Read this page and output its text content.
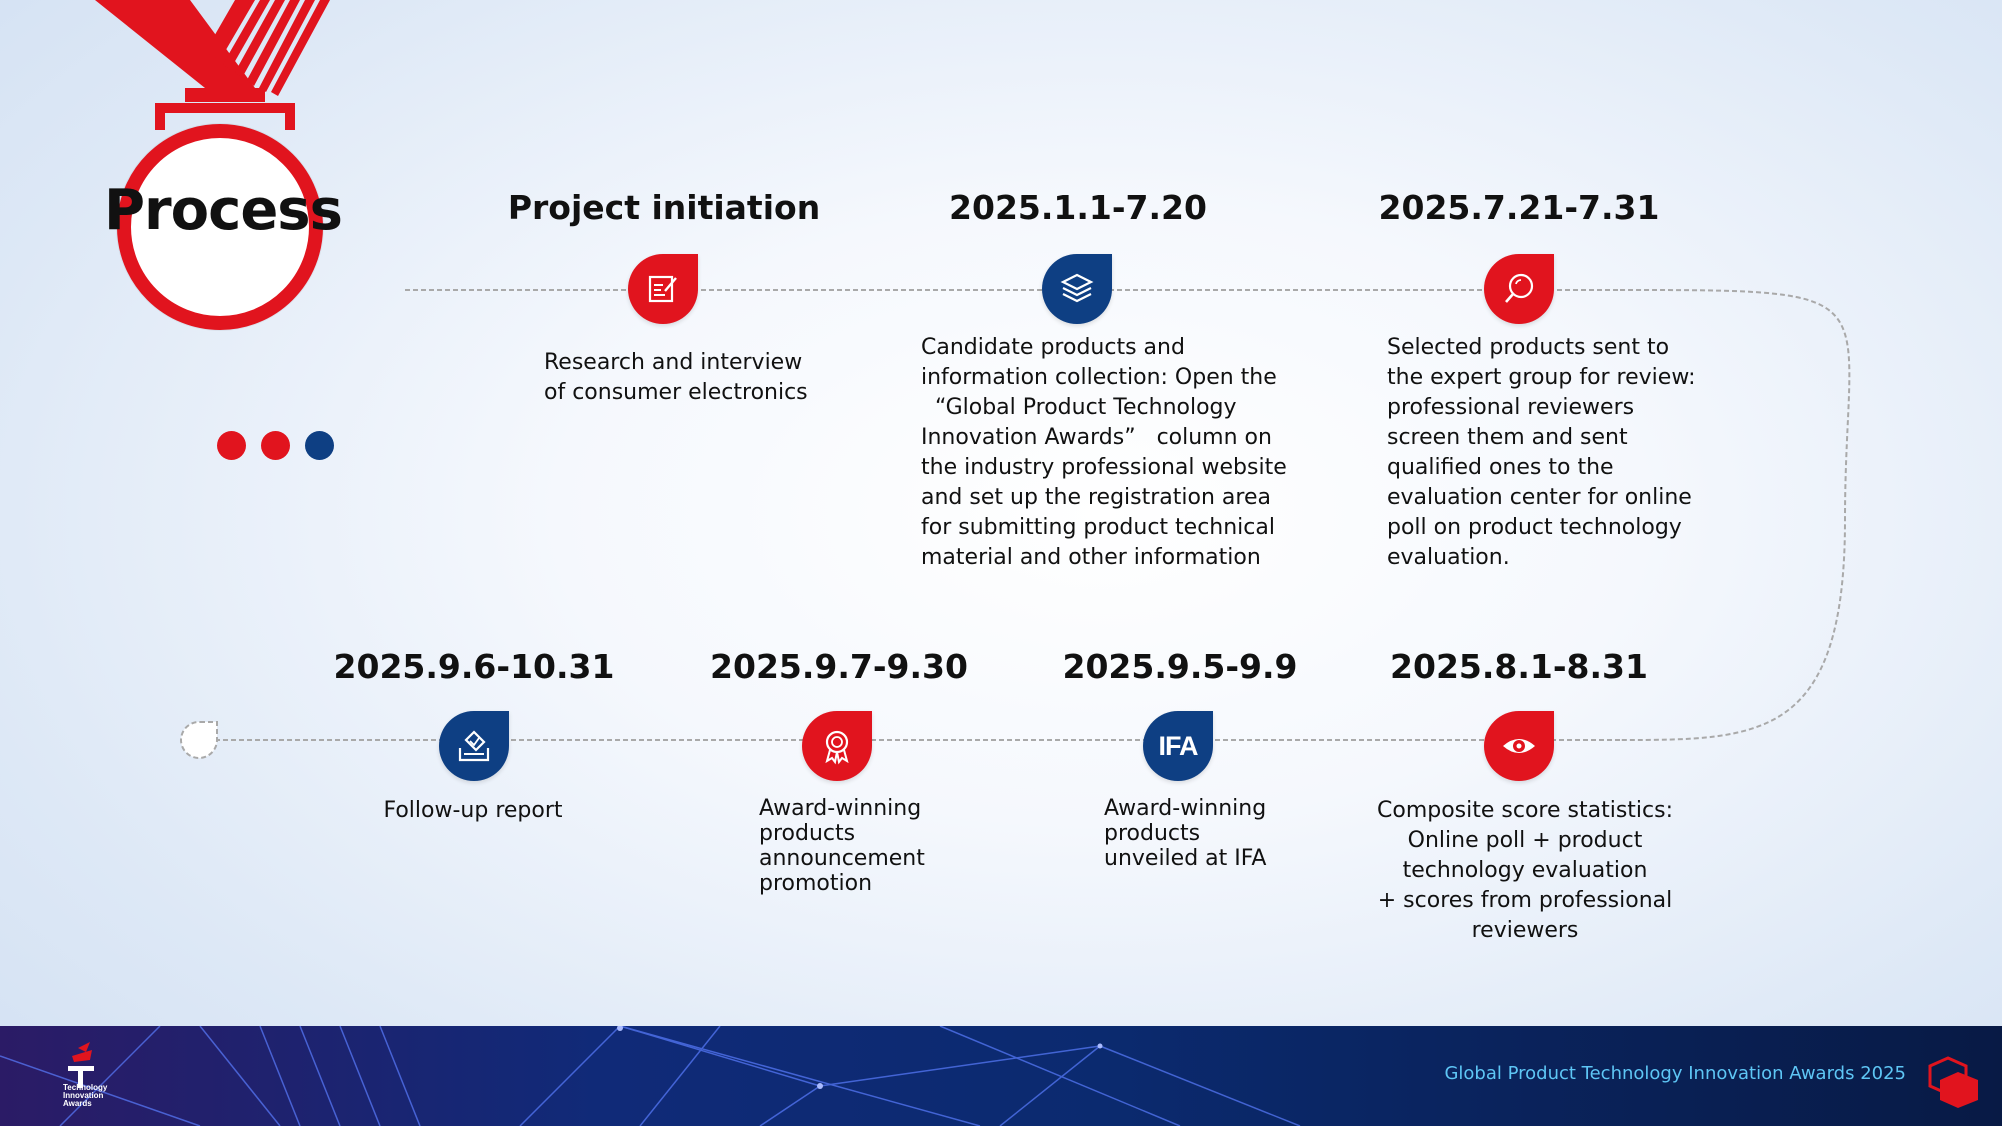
Process	Project initiation
Research and interview
of consumer electronics
2025.1.1-7.20
Candidate products and
information collection: Open the
“Global Product Technology
Innovation Awards”   column on
the industry professional website
and set up the registration area
for submitting product technical
material and other information
2025.7.21-7.31
Selected products sent to
the expert group for review:
professional reviewers
screen them and sent
qualified ones to the
evaluation center for online
poll on product technology
evaluation.
2025.8.1-8.31
Composite score statistics:
Online poll + product
technology evaluation
+ scores from professional
reviewers
2025.9.5-9.9
IFA
Award-winning
products
unveiled at IFA
2025.9.7-9.30
Award-winning
products
announcement
promotion
2025.9.6-10.31
Follow-up report
Technology
Innovation
Awards
Global Product Technology Innovation Awards 2025
